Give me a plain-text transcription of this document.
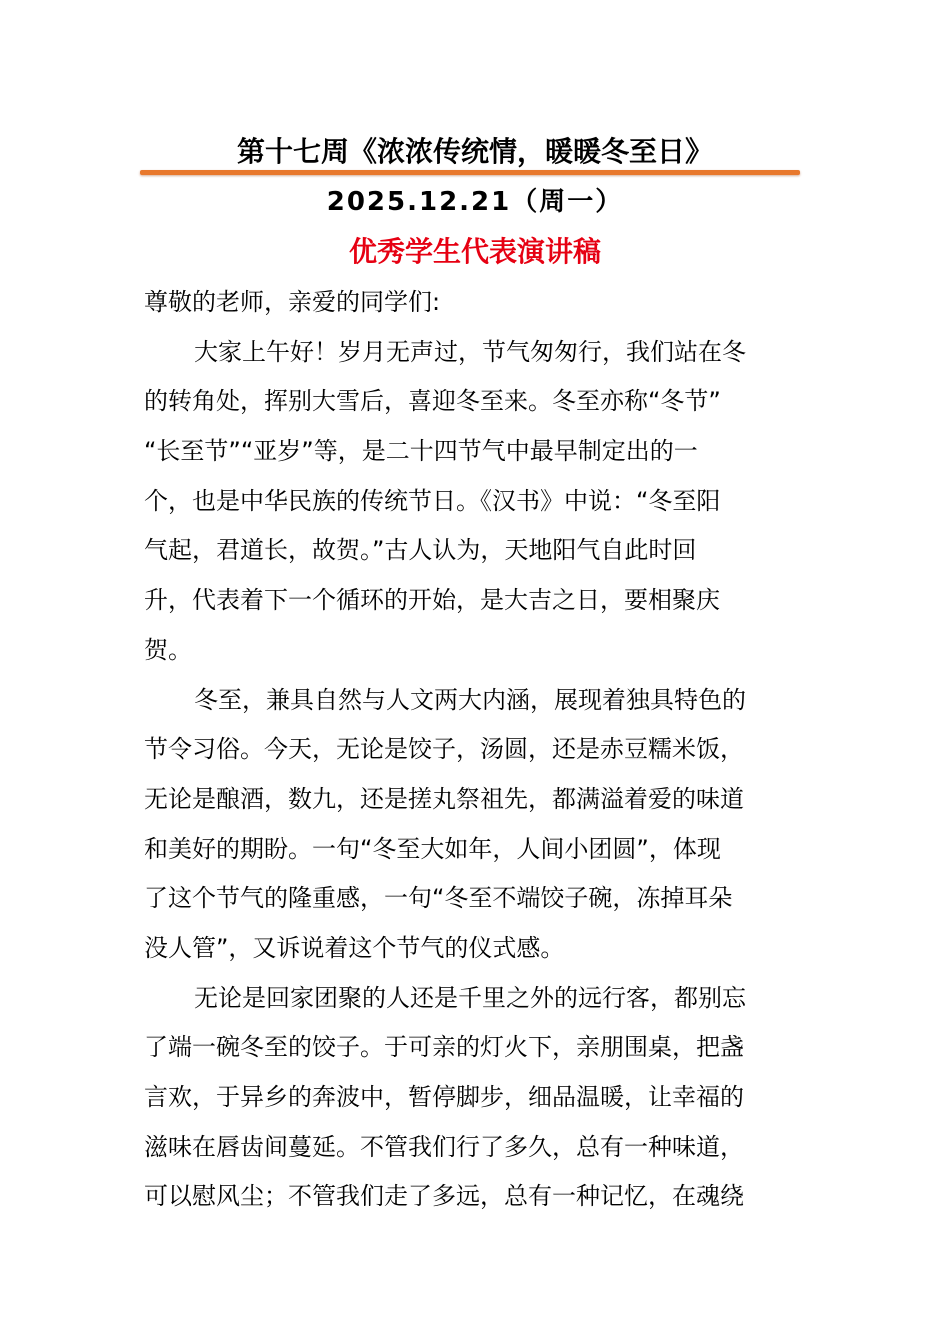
第十七周《浓浓传统情，暖暖冬至日》
2025.12.21（周一）
优秀学生代表演讲稿
尊敬的老师，亲爱的同学们:
大家上午好！岁月无声过，节气匆匆行，我们站在冬
的转角处，挥别大雪后，喜迎冬至来。冬至亦称“冬节”
“长至节”“亚岁”等，是二十四节气中最早制定出的一
个，也是中华民族的传统节日。《汉书》中说：“冬至阳
气起，君道长，故贺。”古人认为，天地阳气自此时回
升，代表着下一个循环的开始，是大吉之日，要相聚庆
贺。
冬至，兼具自然与人文两大内涵，展现着独具特色的
节令习俗。今天，无论是饺子，汤圆，还是赤豆糯米饭，
无论是酿酒，数九，还是搓丸祭祖先，都满溢着爱的味道
和美好的期盼。一句“冬至大如年，人间小团圆”，体现
了这个节气的隆重感，一句“冬至不端饺子碗，冻掉耳朵
没人管”，又诉说着这个节气的仪式感。
无论是回家团聚的人还是千里之外的远行客，都别忘
了端一碗冬至的饺子。于可亲的灯火下，亲朋围桌，把盏
言欢，于异乡的奔波中，暂停脚步，细品温暖，让幸福的
滋味在唇齿间蔓延。不管我们行了多久，总有一种味道，
可以慰风尘；不管我们走了多远，总有一种记忆，在魂绕
